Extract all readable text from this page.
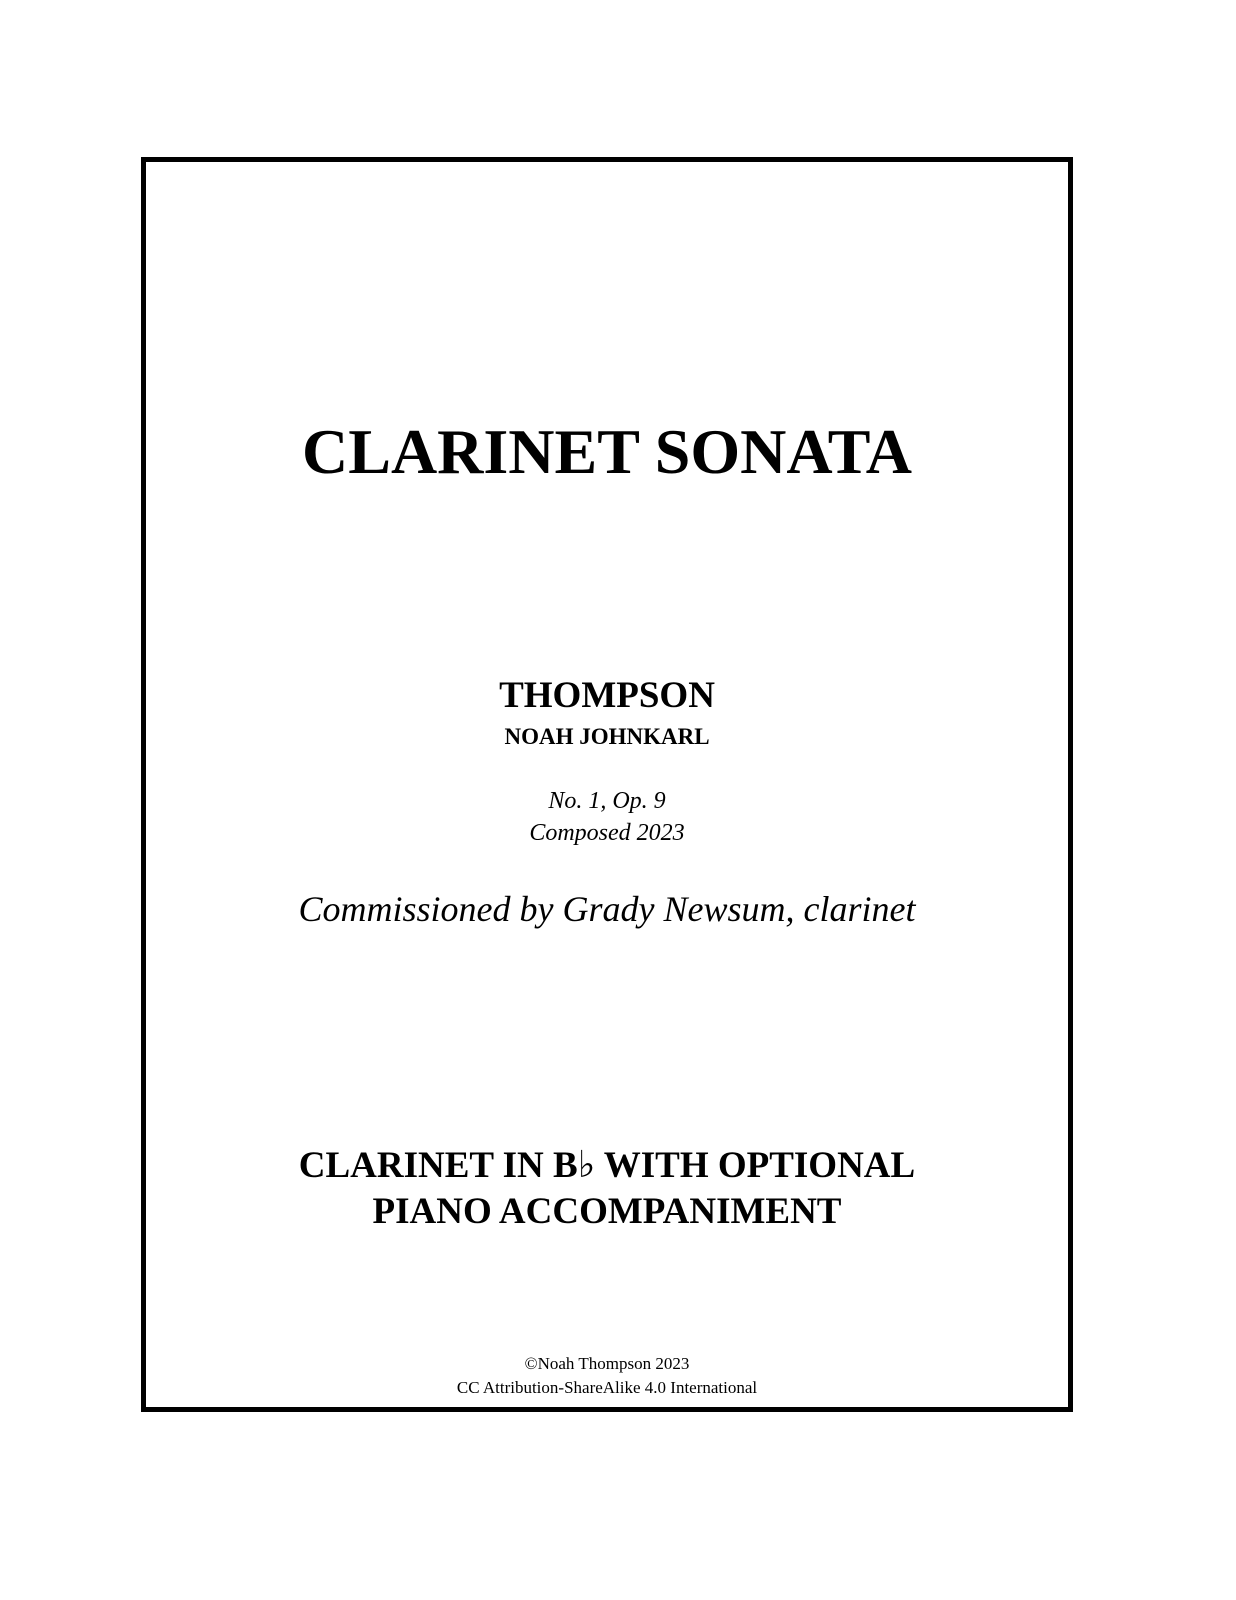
CLARINET SONATA
THOMPSON
NOAH JOHNKARL
No. 1, Op. 9
Composed 2023
Commissioned by Grady Newsum, clarinet
CLARINET IN B♭ WITH OPTIONAL
PIANO ACCOMPANIMENT
©Noah Thompson 2023
CC Attribution-ShareAlike 4.0 International
